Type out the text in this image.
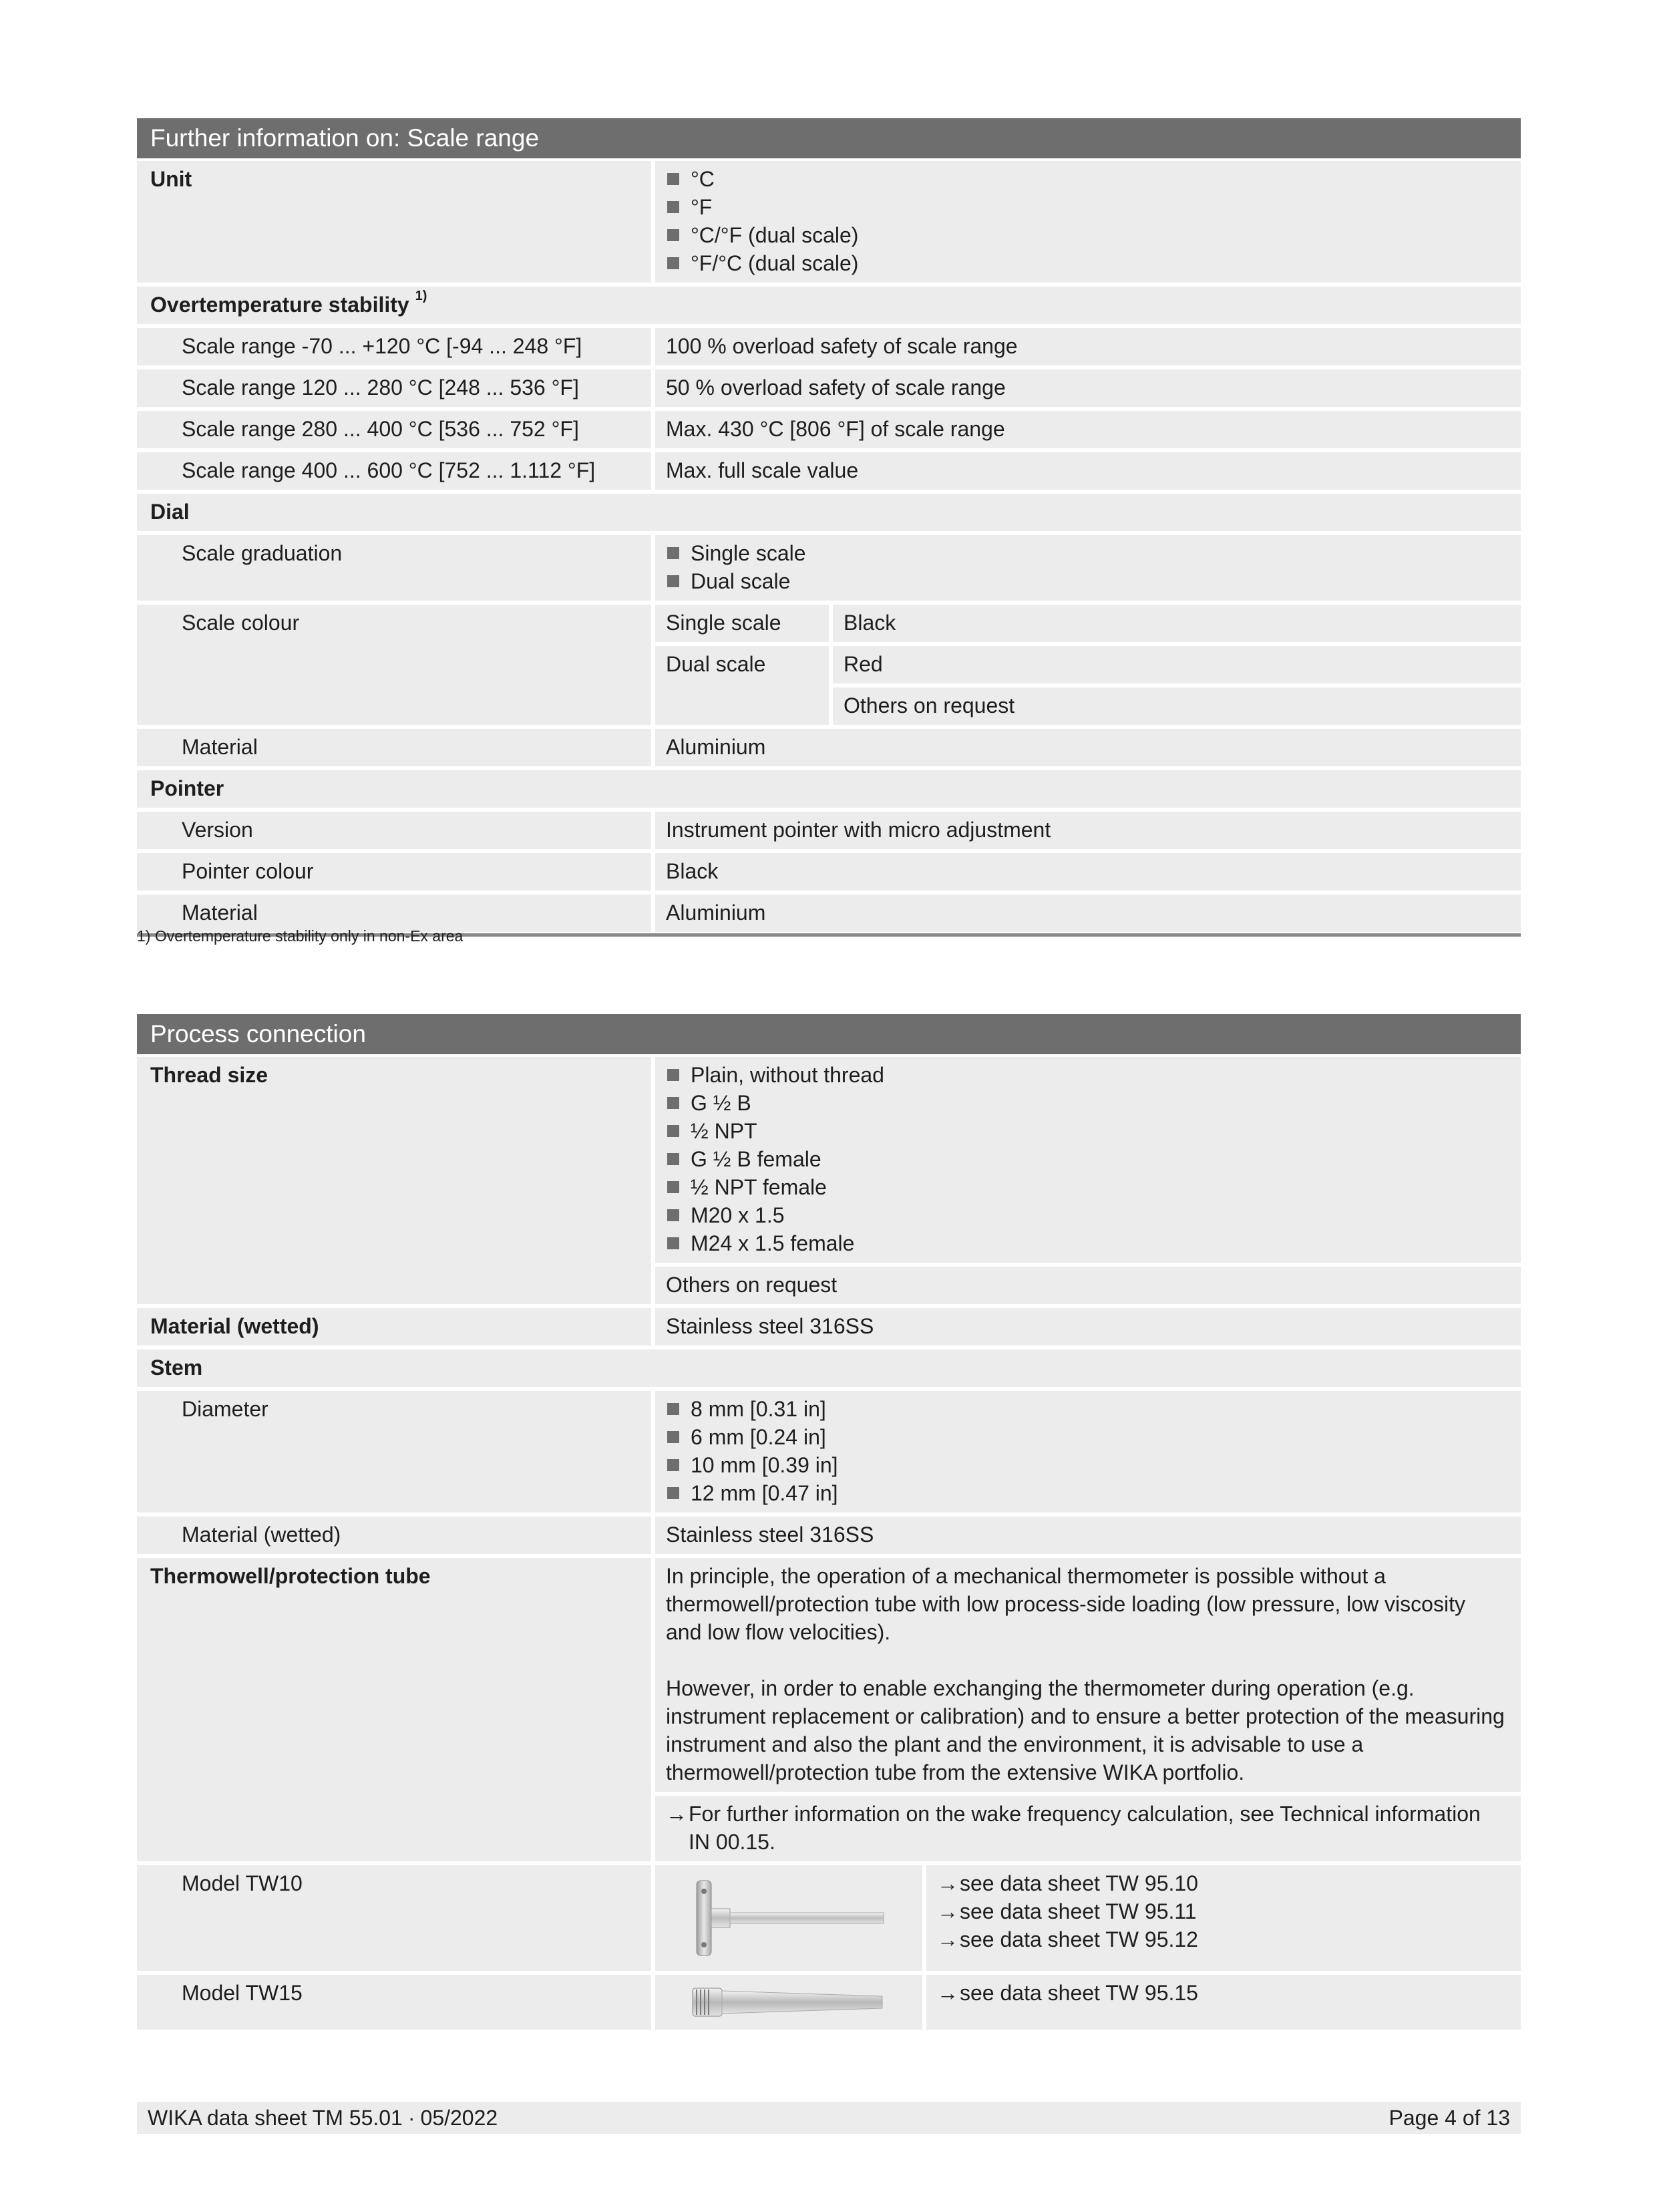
Further information on: Scale range
Unit	°C
°F
°C/°F (dual scale)
°F/°C (dual scale)
Overtemperature stability $^{1)}$
Scale range -70 ... +120 °C [-94 ... 248 °F]	100 % overload safety of scale range
Scale range 120 ... 280 °C [248 ... 536 °F]	50 % overload safety of scale range
Scale range 280 ... 400 °C [536 ... 752 °F]	Max. 430 °C [806 °F] of scale range
Scale range 400 ... 600 °C [752 ... 1.112 °F]	Max. full scale value
Dial
Scale graduation	Single scale
Dual scale
Scale colour	Single scale	Black
Dual scale	Red
Others on request
Material	Aluminium
Pointer
Version	Instrument pointer with micro adjustment
Pointer colour	Black
Material	Aluminium
1) Overtemperature stability only in non-Ex area
Process connection
Thread size	Plain, without thread
G ½ B
½ NPT
G ½ B female
½ NPT female
M20 x 1.5
M24 x 1.5 female
Others on request
Material (wetted)	Stainless steel 316SS
Stem
Diameter	8 mm [0.31 in]
6 mm [0.24 in]
10 mm [0.39 in]
12 mm [0.47 in]
Material (wetted)	Stainless steel 316SS
Thermowell/protection tube	In principle, the operation of a mechanical thermometer is possible without a thermowell/protection tube with low process-side loading (low pressure, low viscosity and low flow velocities).
However, in order to enable exchanging the thermometer during operation (e.g. instrument replacement or calibration) and to ensure a better protection of the measuring instrument and also the plant and the environment, it is advisable to use a thermowell/protection tube from the extensive WIKA portfolio.
→ For further information on the wake frequency calculation, see Technical information IN 00.15.
Model TW10	→ see data sheet TW 95.10
→ see data sheet TW 95.11
→ see data sheet TW 95.12
Model TW15	→ see data sheet TW 95.15
WIKA data sheet TM 55.01 ∙ 05/2022	Page 4 of 13
